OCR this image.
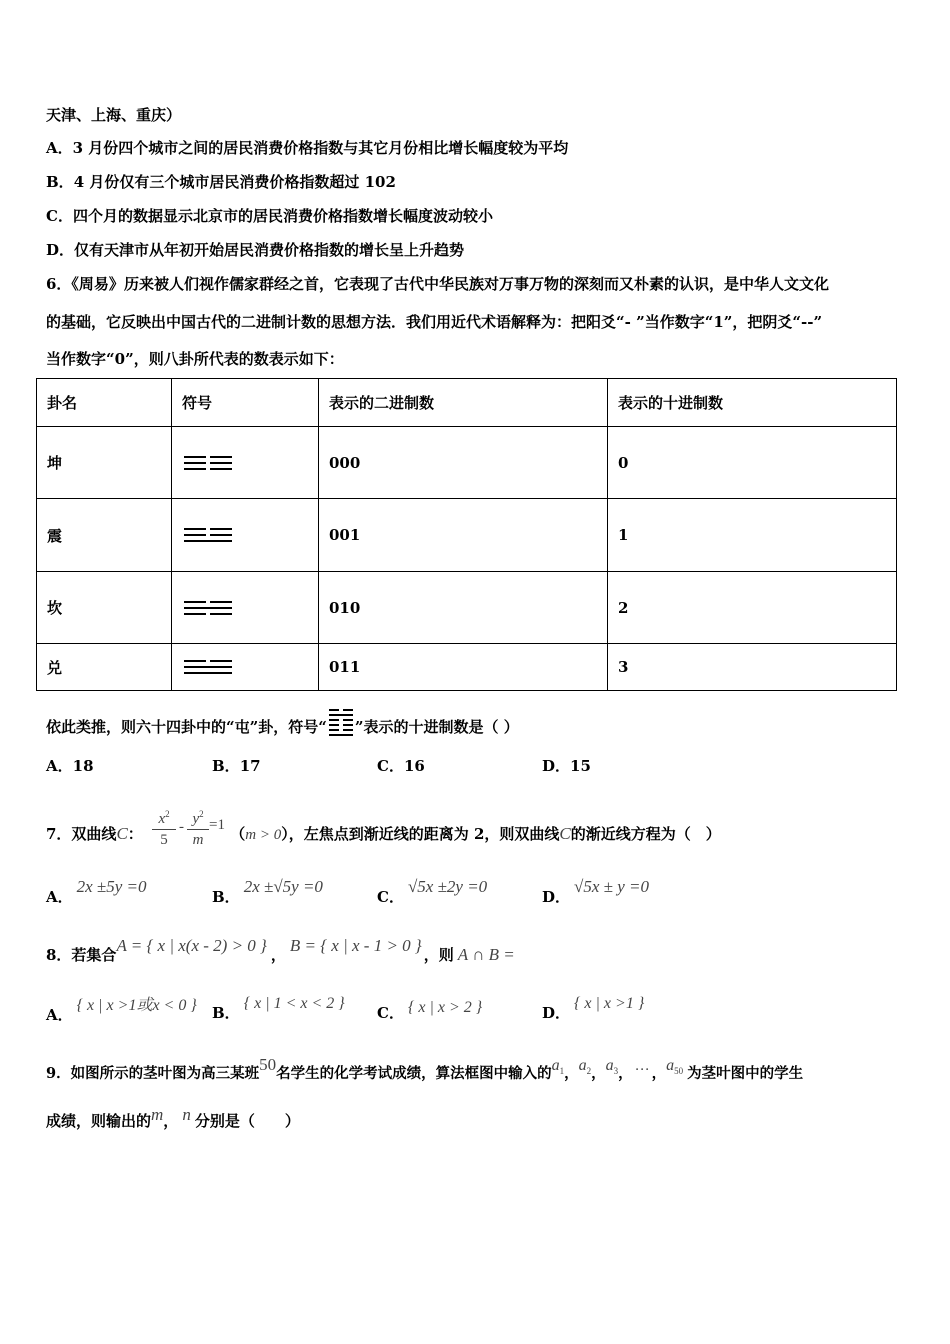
天津、上海、重庆）
A．3 月份四个城市之间的居民消费价格指数与其它月份相比增长幅度较为平均
B．4 月份仅有三个城市居民消费价格指数超过 102
C．四个月的数据显示北京市的居民消费价格指数增长幅度波动较小
D．仅有天津市从年初开始居民消费价格指数的增长呈上升趋势
6．《周易》历来被人们视作儒家群经之首，它表现了古代中华民族对万事万物的深刻而又朴素的认识，是中华人文文化
的基础，它反映出中国古代的二进制计数的思想方法．我们用近代术语解释为：把阳爻“- ”当作数字“1”，把阴爻“--”
当作数字“0”，则八卦所代表的数表示如下：
卦名	符号	表示的二进制数	表示的十进制数
坤		000	0
震		001	1
坎		010	2
兑		011	3
依此类推，则六十四卦中的“屯”卦，符号“ ”表示的十进制数是（ ）
A．18	B．17	C．16	D．15
7．双曲线C： $\frac{x^2}{5} - \frac{y^2}{m} =1$ （m > 0），左焦点到渐近线的距离为 2，则双曲线C的渐近线方程为（　）
A．2x ±5y =0
B．2x ±√5y =0
C．√5x ±2y =0
D．√5x ± y =0
8．若集合A = { x | x(x - 2) > 0 } ， B = { x | x - 1 > 0 } ，则 A ∩ B =
A．{ x | x >1或x < 0 } B．{ x | 1 < x < 2 }
C． { x | x > 2 }	D．{ x | x >1 }
9．如图所示的茎叶图为高三某班50名学生的化学考试成绩，算法框图中输入的$a_1$，$a_2$，$a_3$， … ，$a_{50}$ 为茎叶图中的学生
成绩，则输出的m， n 分别是（　　）
